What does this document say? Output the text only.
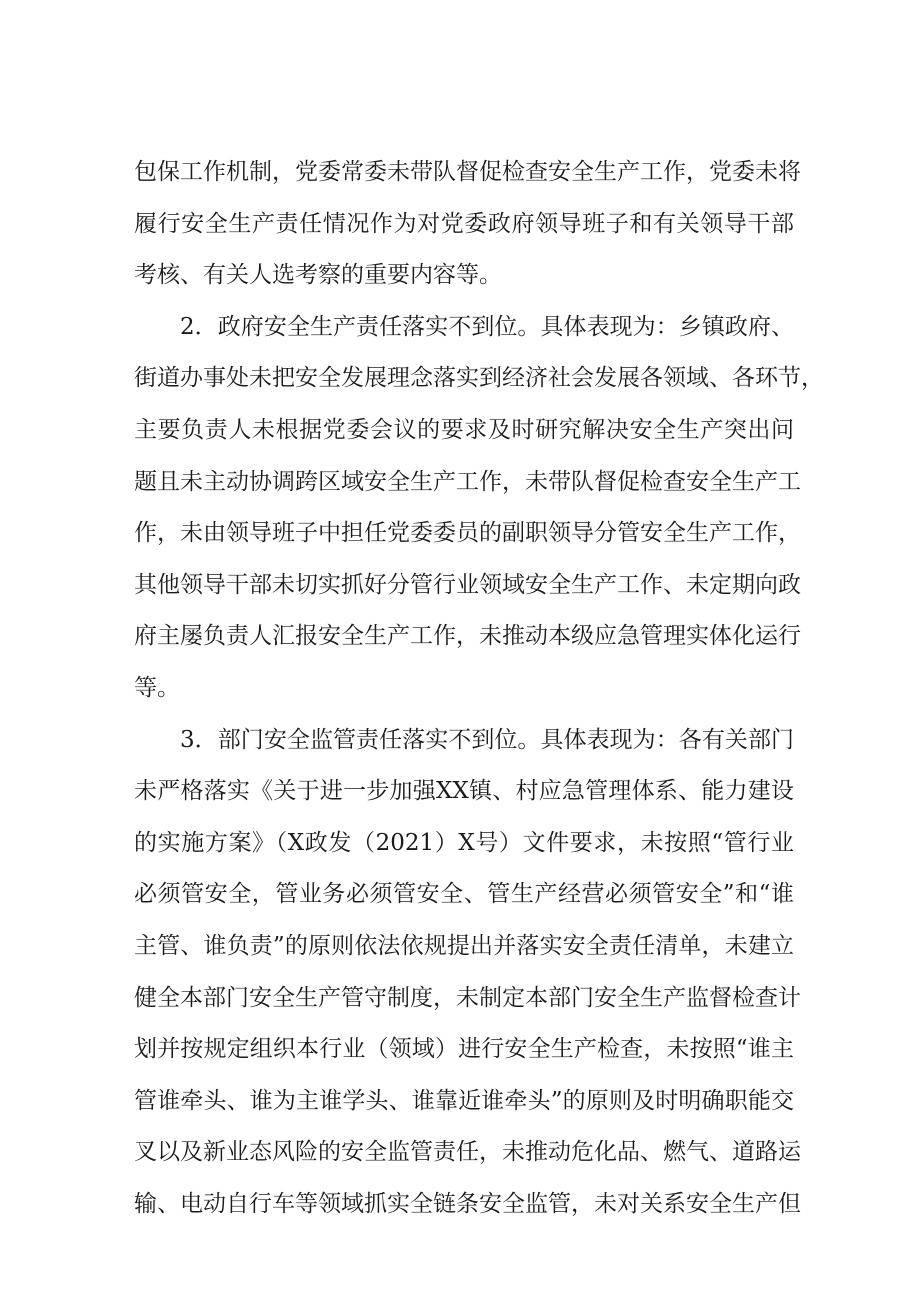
包保工作机制，党委常委未带队督促检查安全生产工作，党委未将
履行安全生产责任情况作为对党委政府领导班子和有关领导干部
考核、有关人选考察的重要内容等。
2．政府安全生产责任落实不到位。具体表现为：乡镇政府、
街道办事处未把安全发展理念落实到经济社会发展各领域、各环节，
主要负责人未根据党委会议的要求及时研究解决安全生产突出问
题且未主动协调跨区域安全生产工作，未带队督促检查安全生产工
作，未由领导班子中担任党委委员的副职领导分管安全生产工作，
其他领导干部未切实抓好分管行业领域安全生产工作、未定期向政
府主屡负责人汇报安全生产工作，未推动本级应急管理实体化运行
等。
3．部门安全监管责任落实不到位。具体表现为：各有关部门
未严格落实《关于进一步加强XX镇、村应急管理体系、能力建设
的实施方案》（X政发（2021）X号）文件要求，未按照“管行业
必须管安全，管业务必须管安全、管生产经营必须管安全”和“谁
主管、谁负责”的原则依法依规提出并落实安全责任清单，未建立
健全本部门安全生产管守制度，未制定本部门安全生产监督检查计
划并按规定组织本行业（领域）进行安全生产检查，未按照“谁主
管谁牵头、谁为主谁学头、谁靠近谁牵头”的原则及时明确职能交
叉以及新业态风险的安全监管责任，未推动危化品、燃气、道路运
输、电动自行车等领域抓实全链条安全监管，未对关系安全生产但
